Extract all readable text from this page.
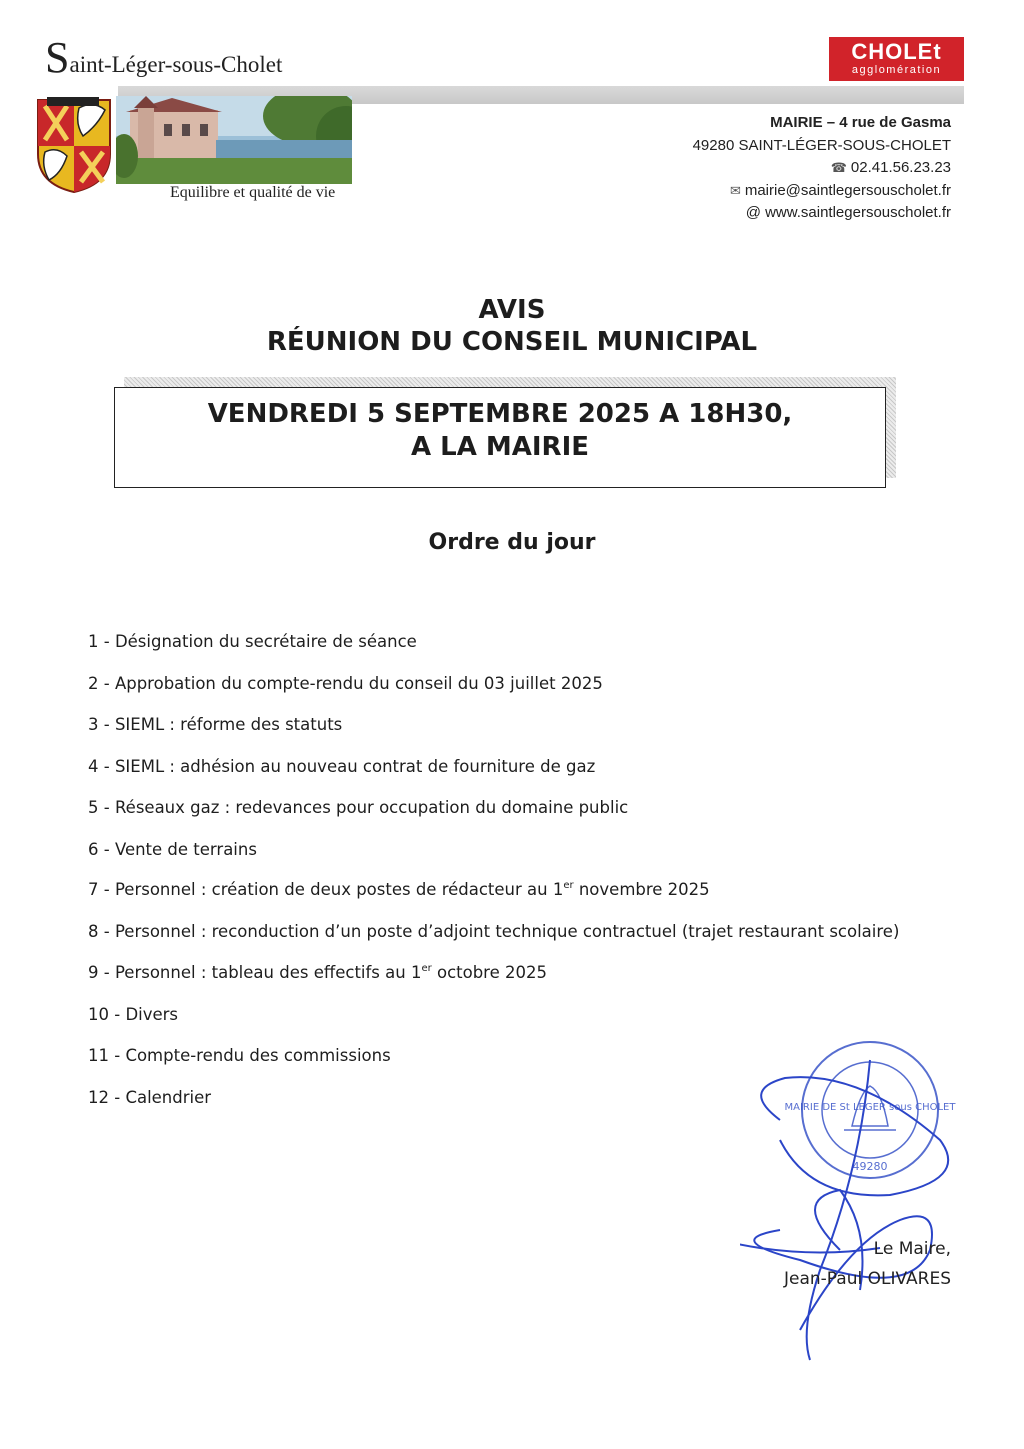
Saint-Léger-sous-Cholet
Equilibre et qualité de vie
CHOLEt
agglomération
MAIRIE – 4 rue de Gasma
49280 SAINT-LÉGER-SOUS-CHOLET
☎ 02.41.56.23.23
✉ mairie@saintlegersouscholet.fr
@ www.saintlegersouscholet.fr
AVIS
RÉUNION DU CONSEIL MUNICIPAL
VENDREDI 5 SEPTEMBRE 2025 A 18H30,
A LA MAIRIE
Ordre du jour
1 - Désignation du secrétaire de séance
2 - Approbation du compte-rendu du conseil du 03 juillet 2025
3 - SIEML : réforme des statuts
4 - SIEML : adhésion au nouveau contrat de fourniture de gaz
5 - Réseaux gaz : redevances pour occupation du domaine public
6 - Vente de terrains
7 - Personnel : création de deux postes de rédacteur au 1er novembre 2025
8 - Personnel : reconduction d’un poste d’adjoint technique contractuel (trajet restaurant scolaire)
9 - Personnel : tableau des effectifs au 1er octobre 2025
10 - Divers
11 - Compte-rendu des commissions
12 - Calendrier
MAIRIE DE St LEGER sous CHOLET
49280
Le Maire,
Jean-Paul OLIVARES
